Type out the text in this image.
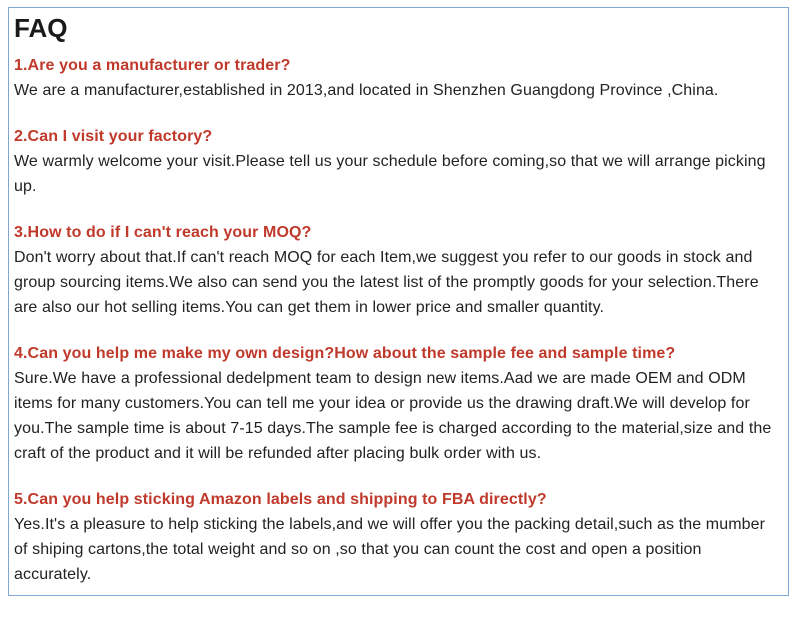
FAQ

1.Are you a manufacturer or trader?

We are a manufacturer,established in 2013,and located in Shenzhen Guangdong Province ,China.

2.Can I visit your factory?

We warmly welcome your visit.Please tell us your schedule before coming,so that we will arrange picking up.

3.How to do if I can't reach your MOQ?

Don't worry about that.If can't reach MOQ for each Item,we suggest you refer to our goods in stock and group sourcing items.We also can send you the latest list of the promptly goods for your selection.There are also our hot selling items.You can get them in lower price and smaller quantity.

4.Can you help me make my own design?How about the sample fee and sample time?

Sure.We have a professional dedelpment team to design new items.Aad we are made OEM and ODM items for many customers.You can tell me your idea or provide us the drawing draft.We will develop for you.The sample time is about 7-15 days.The sample fee is charged according to the material,size and the craft of the product and it will be refunded after placing bulk order with us.

5.Can you help sticking Amazon labels and shipping to FBA directly?

Yes.It's a pleasure to help sticking the labels,and we will offer you the packing detail,such as the mumber of shiping cartons,the total weight and so on ,so that you can count the cost and open a position accurately.
